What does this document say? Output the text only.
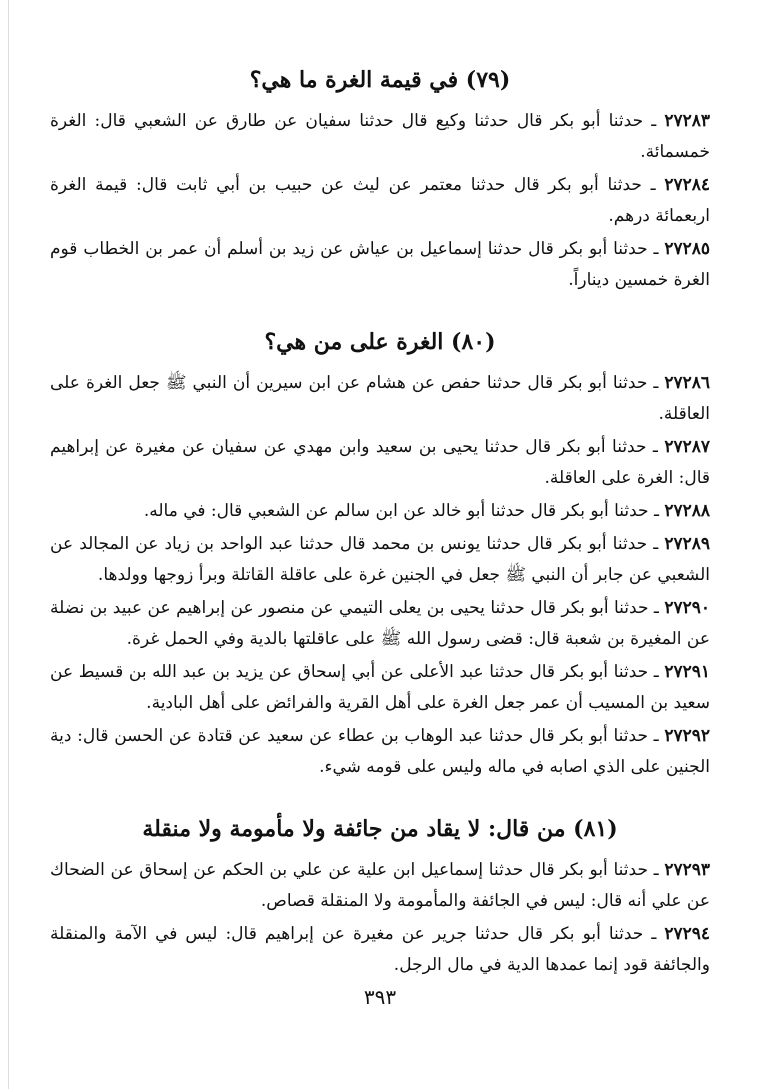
(٧٩) في قيمة الغرة ما هي؟

٢٧٢٨٣ ـ حدثنا أبو بكر قال حدثنا وكيع قال حدثنا سفيان عن طارق عن الشعبي قال: الغرة خمسمائة.

٢٧٢٨٤ ـ حدثنا أبو بكر قال حدثنا معتمر عن ليث عن حبيب بن أبي ثابت قال: قيمة الغرة اربعمائة درهم.

٢٧٢٨٥ ـ حدثنا أبو بكر قال حدثنا إسماعيل بن عياش عن زيد بن أسلم أن عمر بن الخطاب قوم الغرة خمسين ديناراً.

(٨٠) الغرة على من هي؟

٢٧٢٨٦ ـ حدثنا أبو بكر قال حدثنا حفص عن هشام عن ابن سيرين أن النبي ﷺ جعل الغرة على العاقلة.

٢٧٢٨٧ ـ حدثنا أبو بكر قال حدثنا يحيى بن سعيد وابن مهدي عن سفيان عن مغيرة عن إبراهيم قال: الغرة على العاقلة.

٢٧٢٨٨ ـ حدثنا أبو بكر قال حدثنا أبو خالد عن ابن سالم عن الشعبي قال: في ماله.

٢٧٢٨٩ ـ حدثنا أبو بكر قال حدثنا يونس بن محمد قال حدثنا عبد الواحد بن زياد عن المجالد عن الشعبي عن جابر أن النبي ﷺ جعل في الجنين غرة على عاقلة القاتلة وبرأ زوجها وولدها.

٢٧٢٩٠ ـ حدثنا أبو بكر قال حدثنا يحيى بن يعلى التيمي عن منصور عن إبراهيم عن عبيد بن نضلة عن المغيرة بن شعبة قال: قضى رسول الله ﷺ على عاقلتها بالدية وفي الحمل غرة.

٢٧٢٩١ ـ حدثنا أبو بكر قال حدثنا عبد الأعلى عن أبي إسحاق عن يزيد بن عبد الله بن قسيط عن سعيد بن المسيب أن عمر جعل الغرة على أهل القرية والفرائض على أهل البادية.

٢٧٢٩٢ ـ حدثنا أبو بكر قال حدثنا عبد الوهاب بن عطاء عن سعيد عن قتادة عن الحسن قال: دية الجنين على الذي اصابه في ماله وليس على قومه شيء.

(٨١) من قال: لا يقاد من جائفة ولا مأمومة ولا منقلة

٢٧٢٩٣ ـ حدثنا أبو بكر قال حدثنا إسماعيل ابن علية عن علي بن الحكم عن إسحاق عن الضحاك عن علي أنه قال: ليس في الجائفة والمأمومة ولا المنقلة قصاص.

٢٧٢٩٤ ـ حدثنا أبو بكر قال حدثنا جرير عن مغيرة عن إبراهيم قال: ليس في الآمة والمنقلة والجائفة قود إنما عمدها الدية في مال الرجل.

٣٩٣
